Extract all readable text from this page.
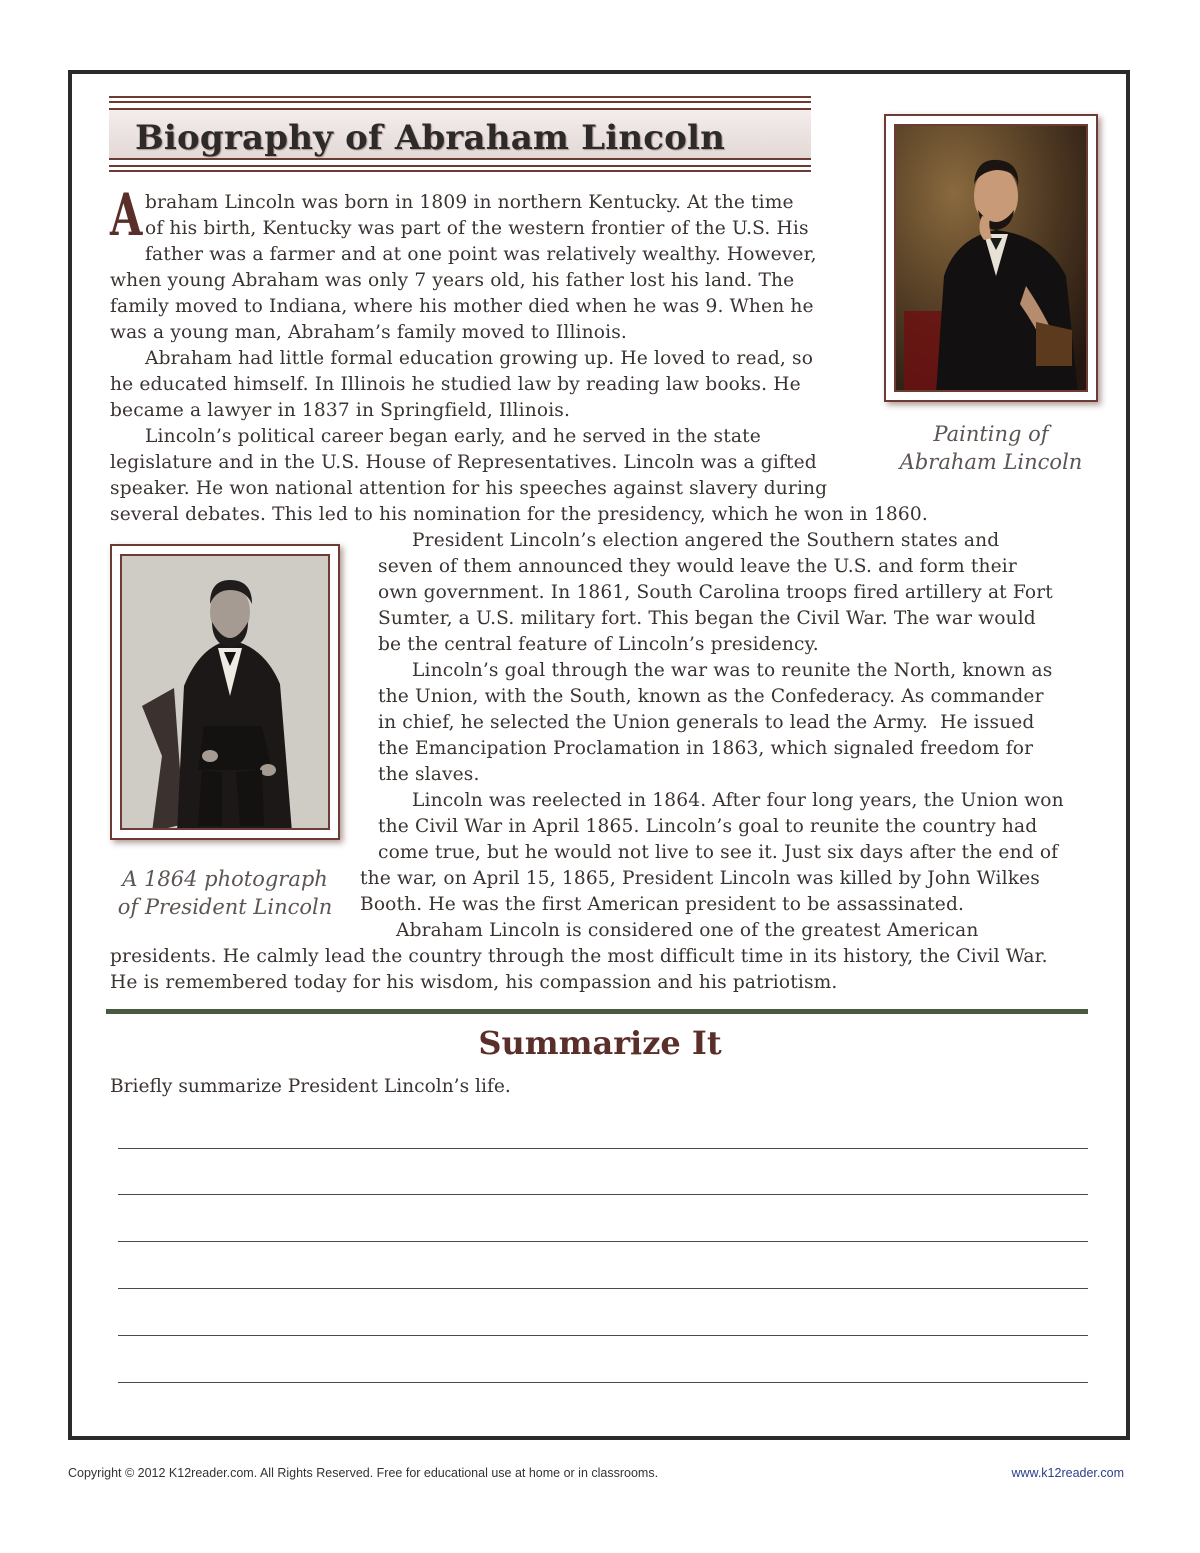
Biography of Abraham Lincoln
Painting of
Abraham Lincoln
A 1864 photograph
of President Lincoln
A braham Lincoln was born in 1809 in northern Kentucky. At the time
of his birth, Kentucky was part of the western frontier of the U.S. His
father was a farmer and at one point was relatively wealthy. However,
when young Abraham was only 7 years old, his father lost his land. The
family moved to Indiana, where his mother died when he was 9. When he
was a young man, Abraham’s family moved to Illinois.
Abraham had little formal education growing up. He loved to read, so
he educated himself. In Illinois he studied law by reading law books. He
became a lawyer in 1837 in Springfield, Illinois.
Lincoln’s political career began early, and he served in the state
legislature and in the U.S. House of Representatives. Lincoln was a gifted
speaker. He won national attention for his speeches against slavery during
several debates. This led to his nomination for the presidency, which he won in 1860.
President Lincoln’s election angered the Southern states and
seven of them announced they would leave the U.S. and form their
own government. In 1861, South Carolina troops fired artillery at Fort
Sumter, a U.S. military fort. This began the Civil War. The war would
be the central feature of Lincoln’s presidency.
Lincoln’s goal through the war was to reunite the North, known as
the Union, with the South, known as the Confederacy. As commander
in chief, he selected the Union generals to lead the Army.  He issued
the Emancipation Proclamation in 1863, which signaled freedom for
the slaves.
Lincoln was reelected in 1864. After four long years, the Union won
the Civil War in April 1865. Lincoln’s goal to reunite the country had
come true, but he would not live to see it. Just six days after the end of
the war, on April 15, 1865, President Lincoln was killed by John Wilkes
Booth. He was the first American president to be assassinated.
Abraham Lincoln is considered one of the greatest American
presidents. He calmly lead the country through the most difficult time in its history, the Civil War.
He is remembered today for his wisdom, his compassion and his patriotism.
Summarize It
Briefly summarize President Lincoln’s life.
Copyright © 2012 K12reader.com. All Rights Reserved. Free for educational use at home or in classrooms.	www.k12reader.com
